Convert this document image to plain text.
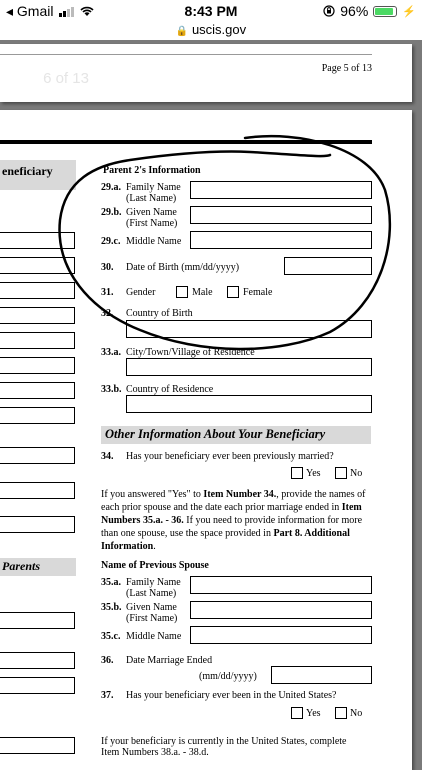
◂ Gmail	8:43 PM	96%	⚡
🔒 uscis.gov
Page 5 of 13
6 of 13
eneficiary
Parents
Parent 2's Information
29.a. Family Name
(Last Name)
29.b. Given Name
(First Name)
29.c. Middle Name
30. Date of Birth (mm/dd/yyyy)
31. Gender	Male	Female
32. Country of Birth
33.a. City/Town/Village of Residence
33.b. Country of Residence
Other Information About Your Beneficiary
34. Has your beneficiary ever been previously married?
Yes	No
If you answered "Yes" to Item Number 34., provide the names of each prior spouse and the date each prior marriage ended in Item Numbers 35.a. - 36. If you need to provide information for more than one spouse, use the space provided in Part 8. Additional Information.
Name of Previous Spouse
35.a. Family Name
(Last Name)
35.b. Given Name
(First Name)
35.c. Middle Name
36. Date Marriage Ended
(mm/dd/yyyy)
37. Has your beneficiary ever been in the United States?
Yes	No
If your beneficiary is currently in the United States, complete
Item Numbers 38.a. - 38.d.
